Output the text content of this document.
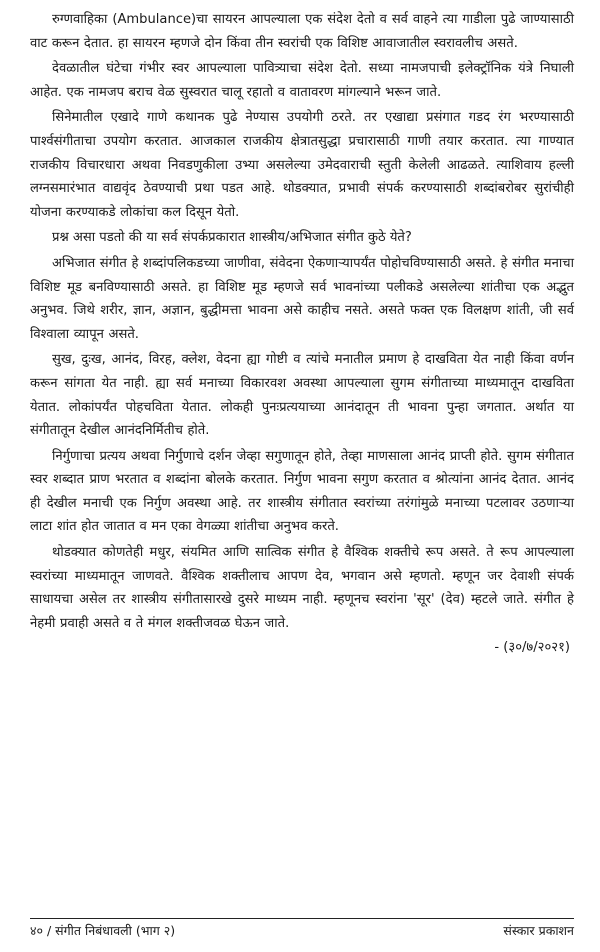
रुग्णवाहिका (Ambulance)चा सायरन आपल्याला एक संदेश देतो व सर्व वाहने त्या गाडीला पुढे जाण्यासाठी वाट करून देतात. हा सायरन म्हणजे दोन किंवा तीन स्वरांची एक विशिष्ट आवाजातील स्वरावलीच असते.

देवळातील घंटेचा गंभीर स्वर आपल्याला पावित्र्याचा संदेश देतो. सध्या नामजपाची इलेक्ट्रॉनिक यंत्रे निघाली आहेत. एक नामजप बराच वेळ सुस्वरात चालू रहातो व वातावरण मांगल्याने भरून जाते.

सिनेमातील एखादे गाणे कथानक पुढे नेण्यास उपयोगी ठरते. तर एखाद्या प्रसंगात गडद रंग भरण्यासाठी पार्श्वसंगीताचा उपयोग करतात. आजकाल राजकीय क्षेत्रातसुद्धा प्रचारासाठी गाणी तयार करतात. त्या गाण्यात राजकीय विचारधारा अथवा निवडणुकीला उभ्या असलेल्या उमेदवाराची स्तुती केलेली आढळते. त्याशिवाय हल्ली लग्नसमारंभात वाद्यवृंद ठेवण्याची प्रथा पडत आहे. थोडक्यात, प्रभावी संपर्क करण्यासाठी शब्दांबरोबर सुरांचीही योजना करण्याकडे लोकांचा कल दिसून येतो.

प्रश्न असा पडतो की या सर्व संपर्कप्रकारात शास्त्रीय/अभिजात संगीत कुठे येते?

अभिजात संगीत हे शब्दांपलिकडच्या जाणीवा, संवेदना ऐकणाऱ्यापर्यंत पोहोचविण्यासाठी असते. हे संगीत मनाचा विशिष्ट मूड बनविण्यासाठी असते. हा विशिष्ट मूड म्हणजे सर्व भावनांच्या पलीकडे असलेल्या शांतीचा एक अद्भुत अनुभव. जिथे शरीर, ज्ञान, अज्ञान, बुद्धीमत्ता भावना असे काहीच नसते. असते फक्त एक विलक्षण शांती, जी सर्व विश्वाला व्यापून असते.

सुख, दुःख, आनंद, विरह, क्लेश, वेदना ह्या गोष्टी व त्यांचे मनातील प्रमाण हे दाखविता येत नाही किंवा वर्णन करून सांगता येत नाही. ह्या सर्व मनाच्या विकारवश अवस्था आपल्याला सुगम संगीताच्या माध्यमातून दाखविता येतात. लोकांपर्यंत पोहचविता येतात. लोकही पुनःप्रत्ययाच्या आनंदातून ती भावना पुन्हा जगतात. अर्थात या संगीतातून देखील आनंदनिर्मितीच होते.

निर्गुणाचा प्रत्यय अथवा निर्गुणाचे दर्शन जेव्हा सगुणातून होते, तेव्हा माणसाला आनंद प्राप्ती होते. सुगम संगीतात स्वर शब्दात प्राण भरतात व शब्दांना बोलके करतात. निर्गुण भावना सगुण करतात व श्रोत्यांना आनंद देतात. आनंद ही देखील मनाची एक निर्गुण अवस्था आहे. तर शास्त्रीय संगीतात स्वरांच्या तरंगांमुळे मनाच्या पटलावर उठणाऱ्या लाटा शांत होत जातात व मन एका वेगळ्या शांतीचा अनुभव करते.

थोडक्यात कोणतेही मधुर, संयमित आणि सात्विक संगीत हे वैश्विक शक्तीचे रूप असते. ते रूप आपल्याला स्वरांच्या माध्यमातून जाणवते. वैश्विक शक्तीलाच आपण देव, भगवान असे म्हणतो. म्हणून जर देवाशी संपर्क साधायचा असेल तर शास्त्रीय संगीतासारखे दुसरे माध्यम नाही. म्हणूनच स्वरांना 'सूर' (देव) म्हटले जाते. संगीत हे नेहमी प्रवाही असते व ते मंगल शक्तीजवळ घेऊन जाते.

- (३०/७/२०२१)

४० / संगीत निबंधावली (भाग २)	संस्कार प्रकाशन
